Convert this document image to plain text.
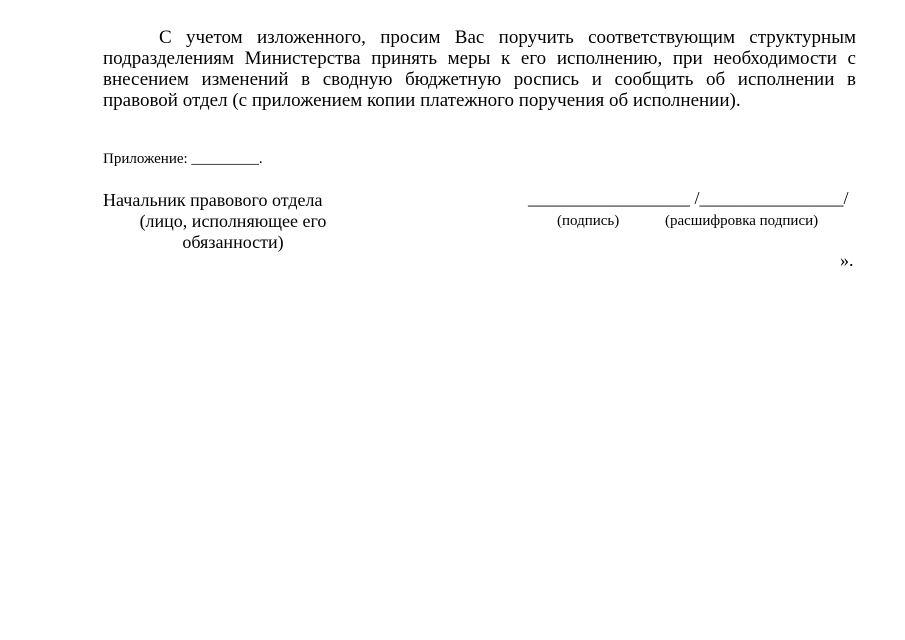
С учетом изложенного, просим Вас поручить соответствующим структурным подразделениям Министерства принять меры к его исполнению, при необходимости с внесением изменений в сводную бюджетную роспись и сообщить об исполнении в правовой отдел (с приложением копии платежного поручения об исполнении).

Приложение: _________.

Начальник правового отдела
(лицо, исполняющее его
обязанности)

__________________ /________________/

(подпись)	(расшифровка подписи)

».
